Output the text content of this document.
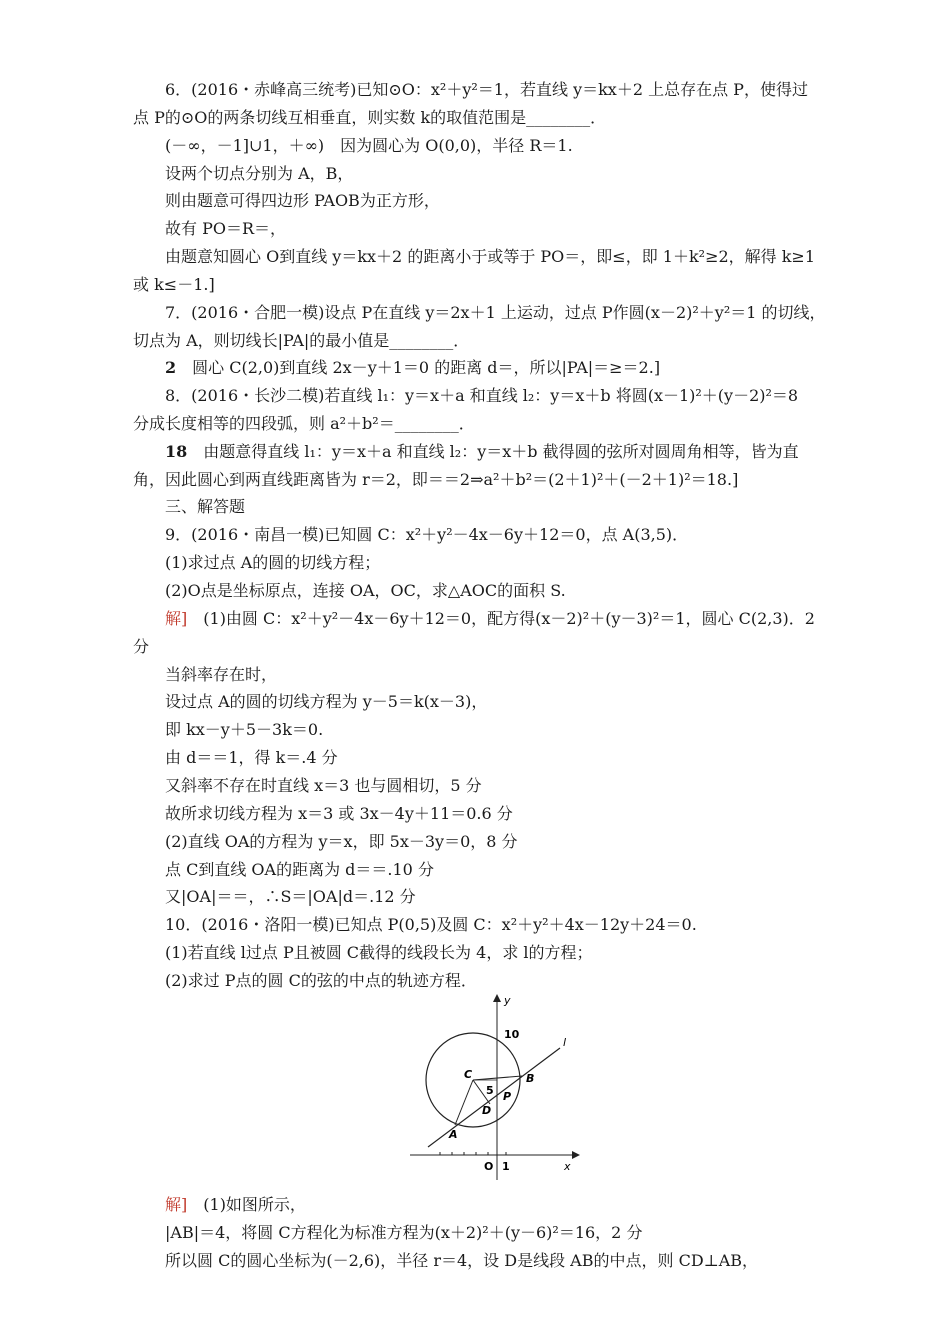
6．(2016・赤峰高三统考)已知⊙O：x²＋y²＝1，若直线 y＝kx＋2 上总存在点 P，使得过
点 P的⊙O的两条切线互相垂直，则实数 k的取值范围是________．
(－∞，－1]∪1，＋∞)　因为圆心为 O(0,0)，半径 R＝1.
设两个切点分别为 A，B，
则由题意可得四边形 PAOB为正方形，
故有 PO＝R＝，
由题意知圆心 O到直线 y＝kx＋2 的距离小于或等于 PO＝，即≤，即 1＋k²≥2，解得 k≥1
或 k≤－1.]
7．(2016・合肥一模)设点 P在直线 y＝2x＋1 上运动，过点 P作圆(x－2)²＋y²＝1 的切线，
切点为 A，则切线长|PA|的最小值是________．
2　 圆心 C(2,0)到直线 2x－y＋1＝0 的距离 d＝，所以|PA|＝≥＝2.]
8．(2016・长沙二模)若直线 l₁：y＝x＋a 和直线 l₂：y＝x＋b 将圆(x－1)²＋(y－2)²＝8
分成长度相等的四段弧，则 a²＋b²＝________．
18　 由题意得直线 l₁：y＝x＋a 和直线 l₂：y＝x＋b 截得圆的弦所对圆周角相等，皆为直
角，因此圆心到两直线距离皆为 r＝2，即＝＝2⇒a²＋b²＝(2＋1)²＋(－2＋1)²＝18.]
三、解答题
9．(2016・南昌一模)已知圆 C：x²＋y²－4x－6y＋12＝0，点 A(3,5)．
(1)求过点 A的圆的切线方程；
(2)O点是坐标原点，连接 OA，OC，求△AOC的面积 S.
解]　 (1)由圆 C：x²＋y²－4x－6y＋12＝0，配方得(x－2)²＋(y－3)²＝1，圆心 C(2,3)．2
分
当斜率存在时，
设过点 A的圆的切线方程为 y－5＝k(x－3)，
即 kx－y＋5－3k＝0.
由 d＝＝1，得 k＝.4 分
又斜率不存在时直线 x＝3 也与圆相切，5 分
故所求切线方程为 x＝3 或 3x－4y＋11＝0.6 分
(2)直线 OA的方程为 y＝x，即 5x－3y＝0，8 分
点 C到直线 OA的距离为 d＝＝.10 分
又|OA|＝＝，∴S＝|OA|d＝.12 分
10．(2016・洛阳一模)已知点 P(0,5)及圆 C：x²＋y²＋4x－12y＋24＝0.
(1)若直线 l过点 P且被圆 C截得的线段长为 4，求 l的方程；
(2)求过 P点的圆 C的弦的中点的轨迹方程．
y
x
O 1
10
l
C	B
A
P
D
5
解]　 (1)如图所示，
|AB|＝4，将圆 C方程化为标准方程为(x＋2)²＋(y－6)²＝16，2 分
所以圆 C的圆心坐标为(－2,6)，半径 r＝4，设 D是线段 AB的中点，则 CD⊥AB，
